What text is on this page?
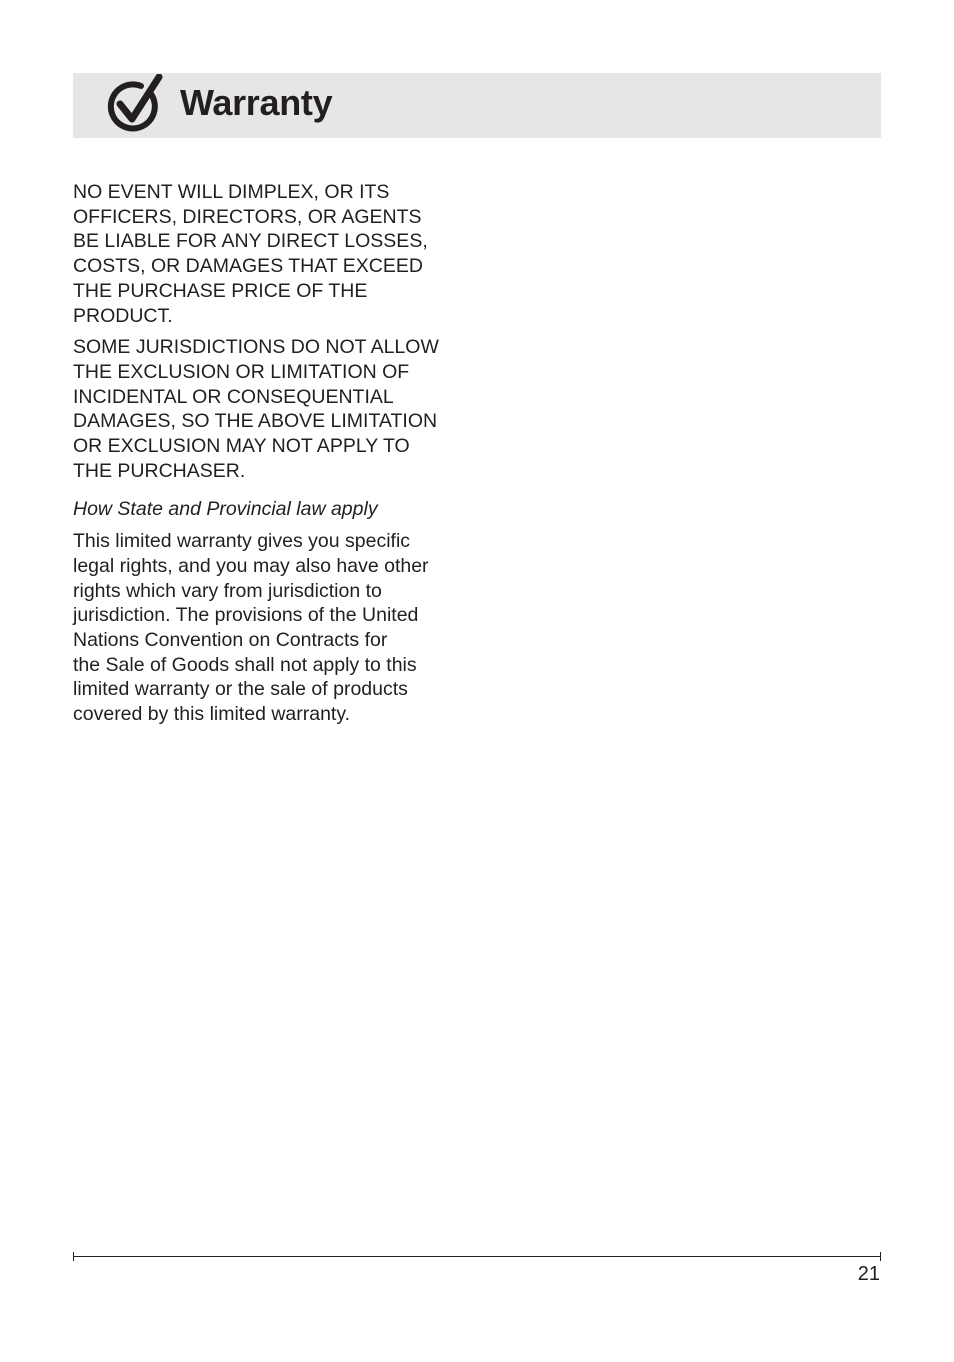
Warranty

NO EVENT WILL DIMPLEX, OR ITS
OFFICERS, DIRECTORS, OR AGENTS
BE LIABLE FOR ANY DIRECT LOSSES,
COSTS, OR DAMAGES THAT EXCEED
THE PURCHASE PRICE OF THE
PRODUCT.

SOME JURISDICTIONS DO NOT ALLOW
THE EXCLUSION OR LIMITATION OF
INCIDENTAL OR CONSEQUENTIAL
DAMAGES, SO THE ABOVE LIMITATION
OR EXCLUSION MAY NOT APPLY TO
THE PURCHASER.

How State and Provincial law apply

This limited warranty gives you specific
legal rights, and you may also have other
rights which vary from jurisdiction to
jurisdiction. The provisions of the United
Nations Convention on Contracts for
the Sale of Goods shall not apply to this
limited warranty or the sale of products
covered by this limited warranty.

21
